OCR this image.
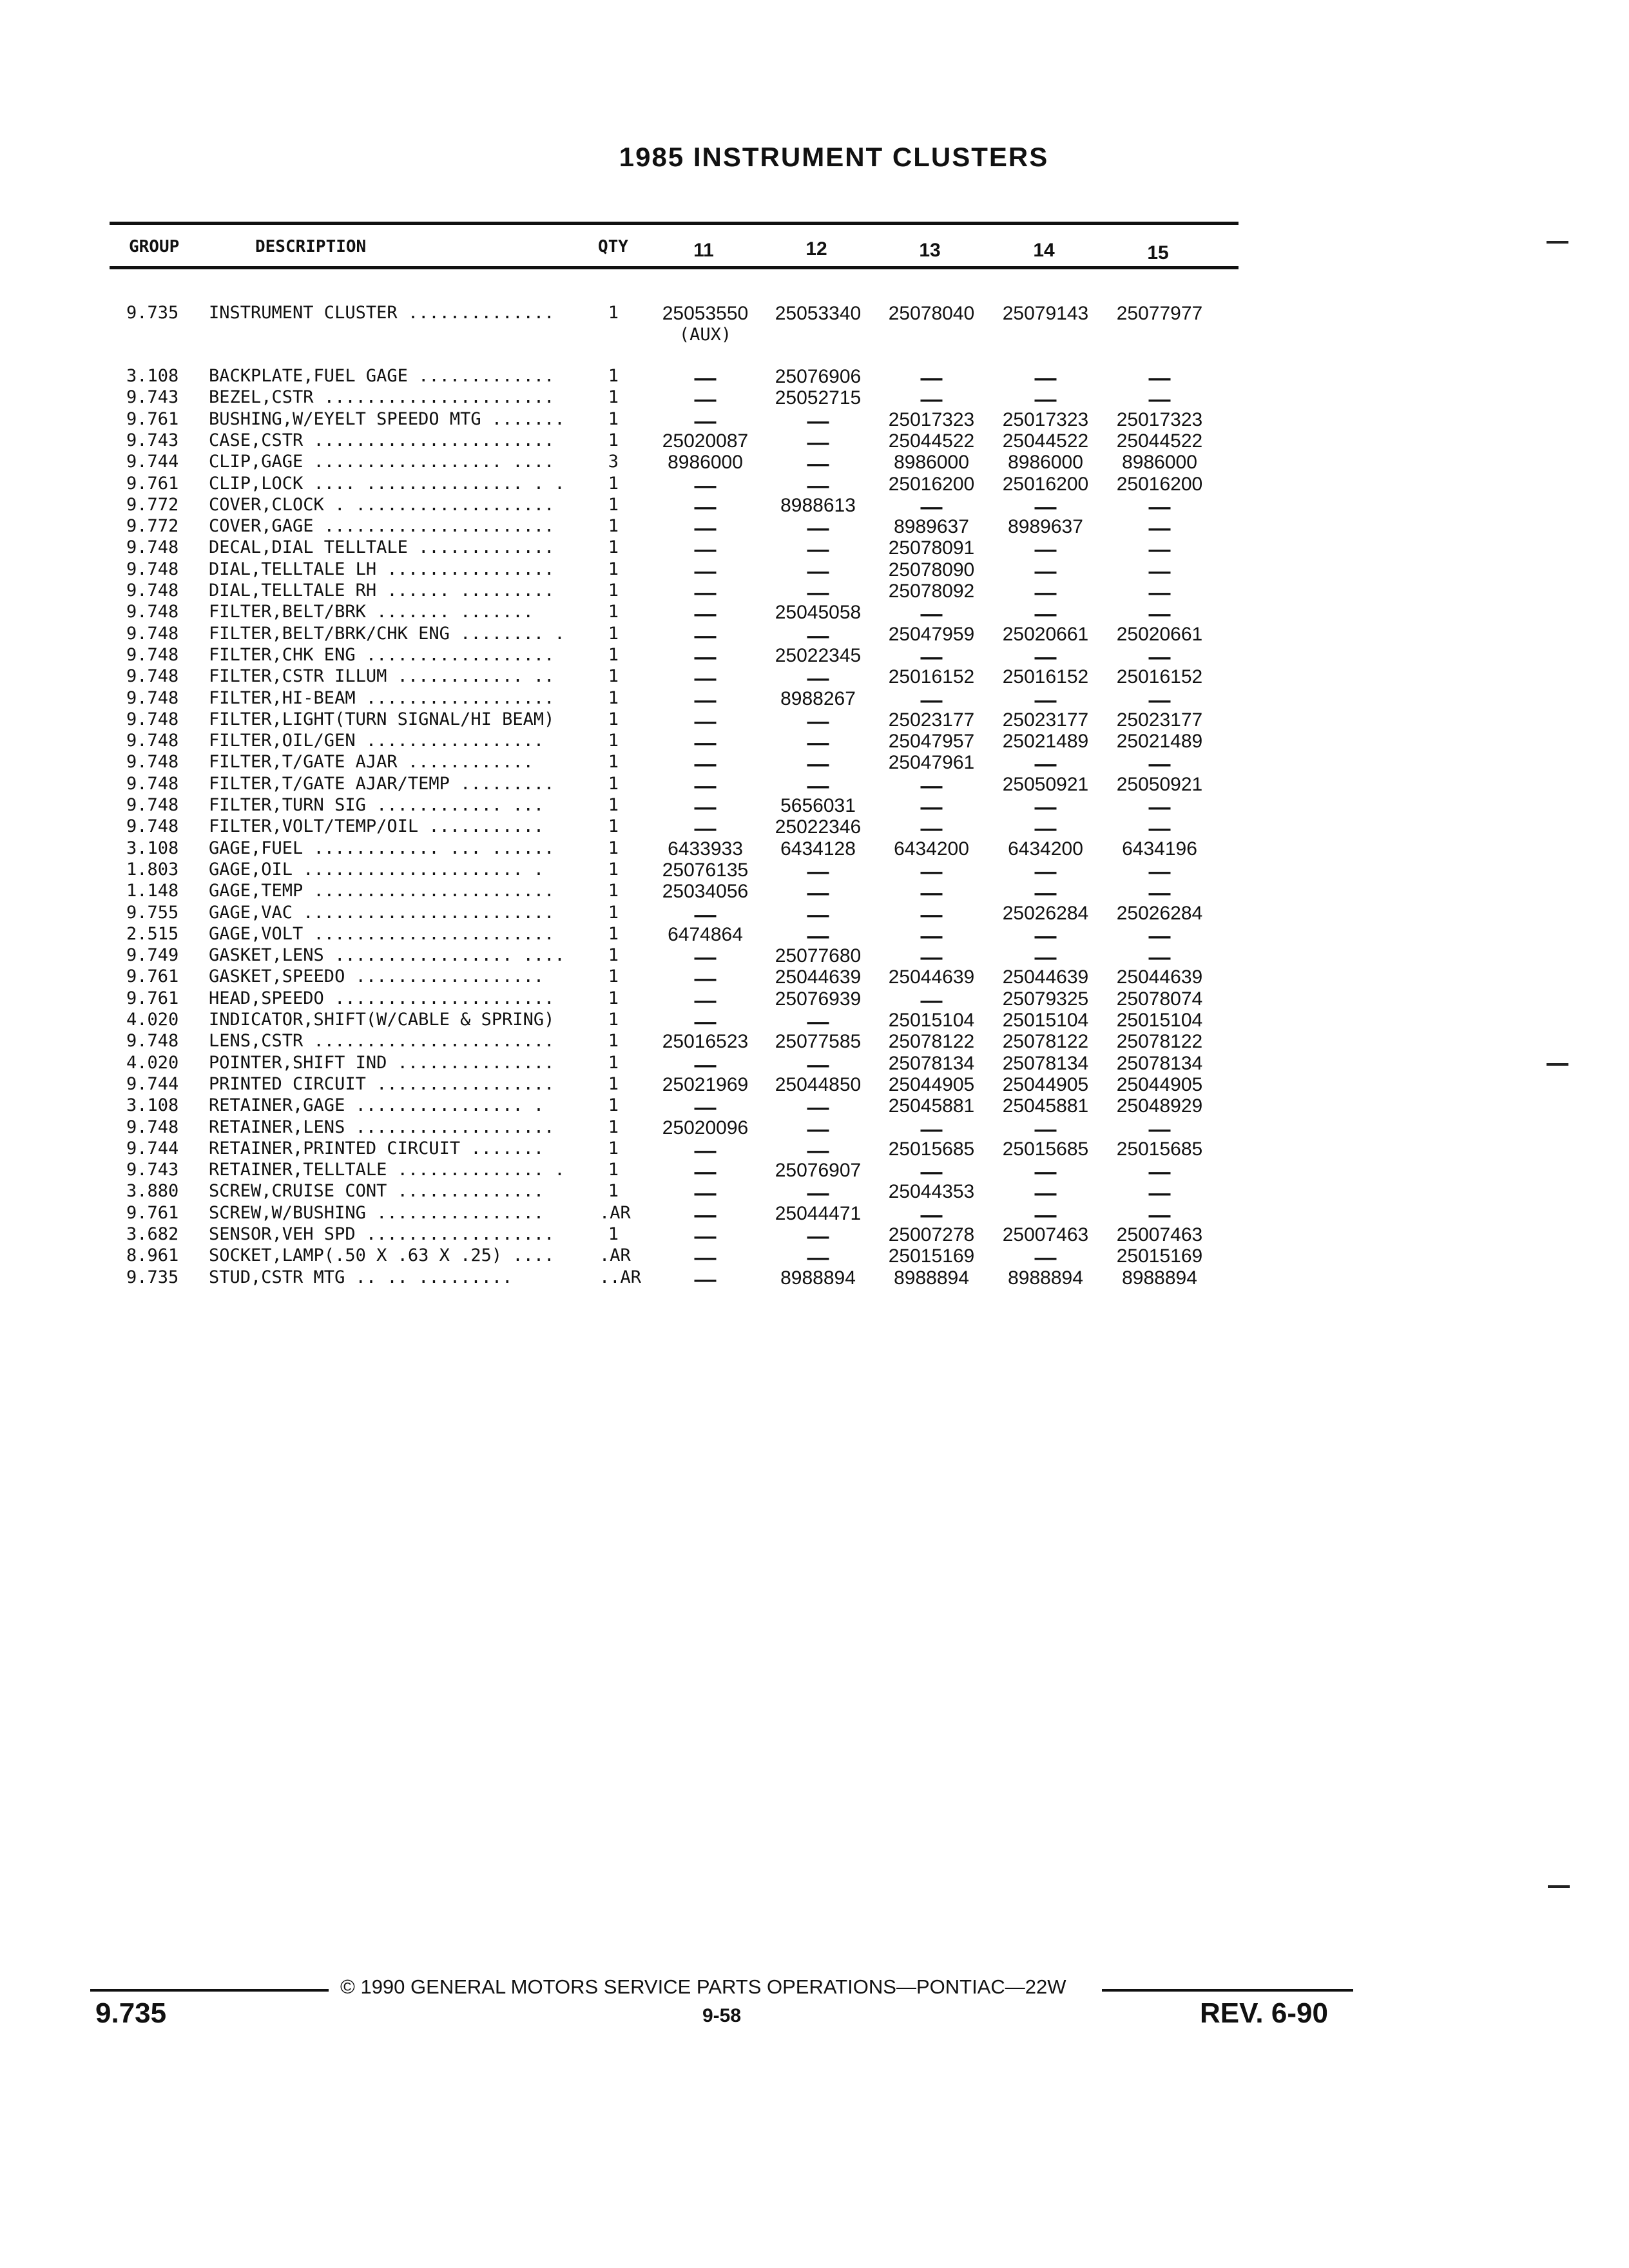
1985 INSTRUMENT CLUSTERS
GROUP	DESCRIPTION	QTY	11	12	13	14	15
9.735 INSTRUMENT CLUSTER ..............	1	25053550	25053340	25078040	25079143	25077977
3.108 BACKPLATE,FUEL GAGE .............	1	—	25076906	—	—	—
9.743 BEZEL,CSTR ......................	1	—	25052715	—	—	—
9.761 BUSHING,W/EYELT SPEEDO MTG .......	1	—	—	25017323	25017323	25017323
9.743 CASE,CSTR .......................	1	25020087	—	25044522	25044522	25044522
9.744 CLIP,GAGE .................. ....	3	8986000	—	8986000	8986000	8986000
9.761 CLIP,LOCK .... ............... . .	1	—	—	25016200	25016200	25016200
9.772 COVER,CLOCK . ...................	1	—	8988613	—	—	—
9.772 COVER,GAGE ......................	1	—	—	8989637	8989637	—
9.748 DECAL,DIAL TELLTALE .............	1	—	—	25078091	—	—
9.748 DIAL,TELLTALE LH ................	1	—	—	25078090	—	—
9.748 DIAL,TELLTALE RH ...... .........	1	—	—	25078092	—	—
9.748 FILTER,BELT/BRK ....... .......	1	—	25045058	—	—	—
9.748 FILTER,BELT/BRK/CHK ENG ........ .	1	—	—	25047959	25020661	25020661
9.748 FILTER,CHK ENG ..................	1	—	25022345	—	—	—
9.748 FILTER,CSTR ILLUM ............ ..	1	—	—	25016152	25016152	25016152
9.748 FILTER,HI-BEAM ..................	1	—	8988267	—	—	—
9.748 FILTER,LIGHT(TURN SIGNAL/HI BEAM)	1	—	—	25023177	25023177	25023177
9.748 FILTER,OIL/GEN .................	1	—	—	25047957	25021489	25021489
9.748 FILTER,T/GATE AJAR ............	1	—	—	25047961	—	—
9.748 FILTER,T/GATE AJAR/TEMP .........	1	—	—	—	25050921	25050921
9.748 FILTER,TURN SIG ............ ...	1	—	5656031	—	—	—
9.748 FILTER,VOLT/TEMP/OIL ...........	1	—	25022346	—	—	—
3.108 GAGE,FUEL ............ ... ......	1	6433933	6434128	6434200	6434200	6434196
1.803 GAGE,OIL ..................... .	1	25076135	—	—	—	—
1.148 GAGE,TEMP .......................	1	25034056	—	—	—	—
9.755 GAGE,VAC ........................	1	—	—	—	25026284	25026284
2.515 GAGE,VOLT .......................	1	6474864	—	—	—	—
9.749 GASKET,LENS ................. ....	1	—	25077680	—	—	—
9.761 GASKET,SPEEDO ..................	1	—	25044639	25044639	25044639	25044639
9.761 HEAD,SPEEDO .....................	1	—	25076939	—	25079325	25078074
4.020 INDICATOR,SHIFT(W/CABLE & SPRING)	1	—	—	25015104	25015104	25015104
9.748 LENS,CSTR .......................	1	25016523	25077585	25078122	25078122	25078122
4.020 POINTER,SHIFT IND ...............	1	—	—	25078134	25078134	25078134
9.744 PRINTED CIRCUIT .................	1	25021969	25044850	25044905	25044905	25044905
3.108 RETAINER,GAGE ................ .	1	—	—	25045881	25045881	25048929
9.748 RETAINER,LENS ...................	1	25020096	—	—	—	—
9.744 RETAINER,PRINTED CIRCUIT .......	1	—	—	25015685	25015685	25015685
9.743 RETAINER,TELLTALE .............. .	1	—	25076907	—	—	—
3.880 SCREW,CRUISE CONT ..............	1	—	—	25044353	—	—
9.761 SCREW,W/BUSHING ................	.AR	—	25044471	—	—	—
3.682 SENSOR,VEH SPD ..................	1	—	—	25007278	25007463	25007463
8.961 SOCKET,LAMP(.50 X .63 X .25) ....	.AR	—	—	25015169	—	25015169
9.735 STUD,CSTR MTG .. .. .........	..AR	—	8988894	8988894	8988894	8988894
(AUX)
© 1990 GENERAL MOTORS SERVICE PARTS OPERATIONS—PONTIAC—22W
9-58
9.735	REV. 6-90
